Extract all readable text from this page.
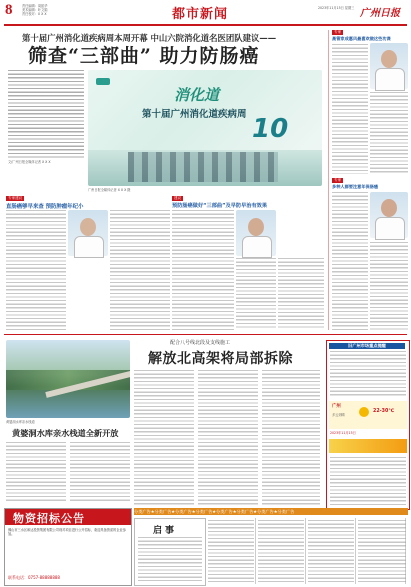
8	责任编辑：周振华
美术编辑：叶文娟
责任校对：X X X	都市新闻	2023年11月15日 星期三 广州日报
第十届广州消化道疾病周本周开幕 中山六院消化道名医团队建议——
筛查“三部曲” 助力防肠癌
文/广州日报全媒体记者 X X X
消化道
第十届广州消化道疾病周 10
广州日报全媒体记者 X X X 摄
专家建议
直肠癌够早来查 预防肿瘤年纪小
建议
预防肠癌做好“三部曲”及早防早治有效果
专家
高管家成惠风最喜欢做这些功课
专家
多种人群要注意年保肠癌
黄婆洞水库亲水栈道
黄婆洞水库亲水栈道全新开放
配合八号线北段及支线施工
解放北高架将局部拆除
旧广州市场重点提醒
广州
多云到晴
22-30℃
2023年11月15日
物资招标公告
佛山市三水区和达投资集团有限公司现对项目进行公开招标，欢迎具备资质的企业参加。
联系电话：0757-88888888
分类广告★分类广告★分类广告★分类广告★分类广告★分类广告★分类广告★分类广告
启事
